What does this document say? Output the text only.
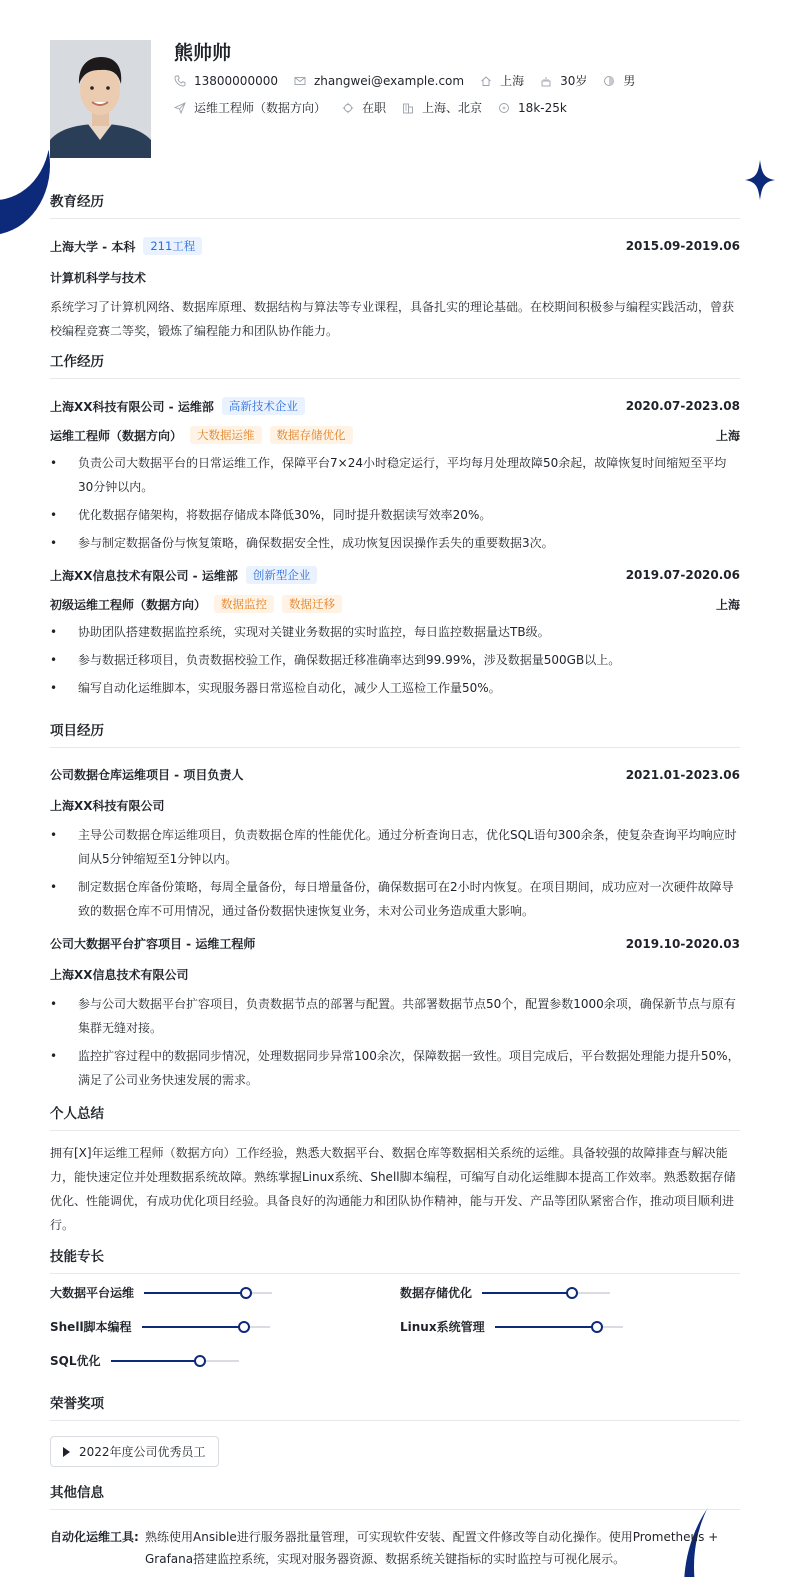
熊帅帅
13800000000	zhangwei@example.com	上海	30岁	男
运维工程师（数据方向）	在职	上海、北京	18k-25k
教育经历
上海大学 - 本科	211工程	2015.09-2019.06
计算机科学与技术
系统学习了计算机网络、数据库原理、数据结构与算法等专业课程，具备扎实的理论基础。在校期间积极参与编程实践活动，曾获校编程竞赛二等奖，锻炼了编程能力和团队协作能力。
工作经历
上海XX科技有限公司 - 运维部	高新技术企业	2020.07-2023.08
运维工程师（数据方向）	大数据运维	数据存储优化	上海
• 负责公司大数据平台的日常运维工作，保障平台7×24小时稳定运行，平均每月处理故障50余起，故障恢复时间缩短至平均30分钟以内。
• 优化数据存储架构，将数据存储成本降低30%，同时提升数据读写效率20%。
• 参与制定数据备份与恢复策略，确保数据安全性，成功恢复因误操作丢失的重要数据3次。
上海XX信息技术有限公司 - 运维部	创新型企业	2019.07-2020.06
初级运维工程师（数据方向）	数据监控	数据迁移	上海
• 协助团队搭建数据监控系统，实现对关键业务数据的实时监控，每日监控数据量达TB级。
• 参与数据迁移项目，负责数据校验工作，确保数据迁移准确率达到99.99%，涉及数据量500GB以上。
• 编写自动化运维脚本，实现服务器日常巡检自动化，减少人工巡检工作量50%。
项目经历
公司数据仓库运维项目 - 项目负责人	2021.01-2023.06
上海XX科技有限公司
• 主导公司数据仓库运维项目，负责数据仓库的性能优化。通过分析查询日志，优化SQL语句300余条，使复杂查询平均响应时间从5分钟缩短至1分钟以内。
• 制定数据仓库备份策略，每周全量备份，每日增量备份，确保数据可在2小时内恢复。在项目期间，成功应对一次硬件故障导致的数据仓库不可用情况，通过备份数据快速恢复业务，未对公司业务造成重大影响。
公司大数据平台扩容项目 - 运维工程师	2019.10-2020.03
上海XX信息技术有限公司
• 参与公司大数据平台扩容项目，负责数据节点的部署与配置。共部署数据节点50个，配置参数1000余项，确保新节点与原有集群无缝对接。
• 监控扩容过程中的数据同步情况，处理数据同步异常100余次，保障数据一致性。项目完成后，平台数据处理能力提升50%，满足了公司业务快速发展的需求。
个人总结
拥有[X]年运维工程师（数据方向）工作经验，熟悉大数据平台、数据仓库等数据相关系统的运维。具备较强的故障排查与解决能力，能快速定位并处理数据系统故障。熟练掌握Linux系统、Shell脚本编程，可编写自动化运维脚本提高工作效率。熟悉数据存储优化、性能调优，有成功优化项目经验。具备良好的沟通能力和团队协作精神，能与开发、产品等团队紧密合作，推动项目顺利进行。
技能专长
大数据平台运维	数据存储优化
Shell脚本编程	Linux系统管理
SQL优化
荣誉奖项
2022年度公司优秀员工
其他信息
自动化运维工具: 熟练使用Ansible进行服务器批量管理，可实现软件安装、配置文件修改等自动化操作。使用Prometheus + Grafana搭建监控系统，实现对服务器资源、数据系统关键指标的实时监控与可视化展示。
